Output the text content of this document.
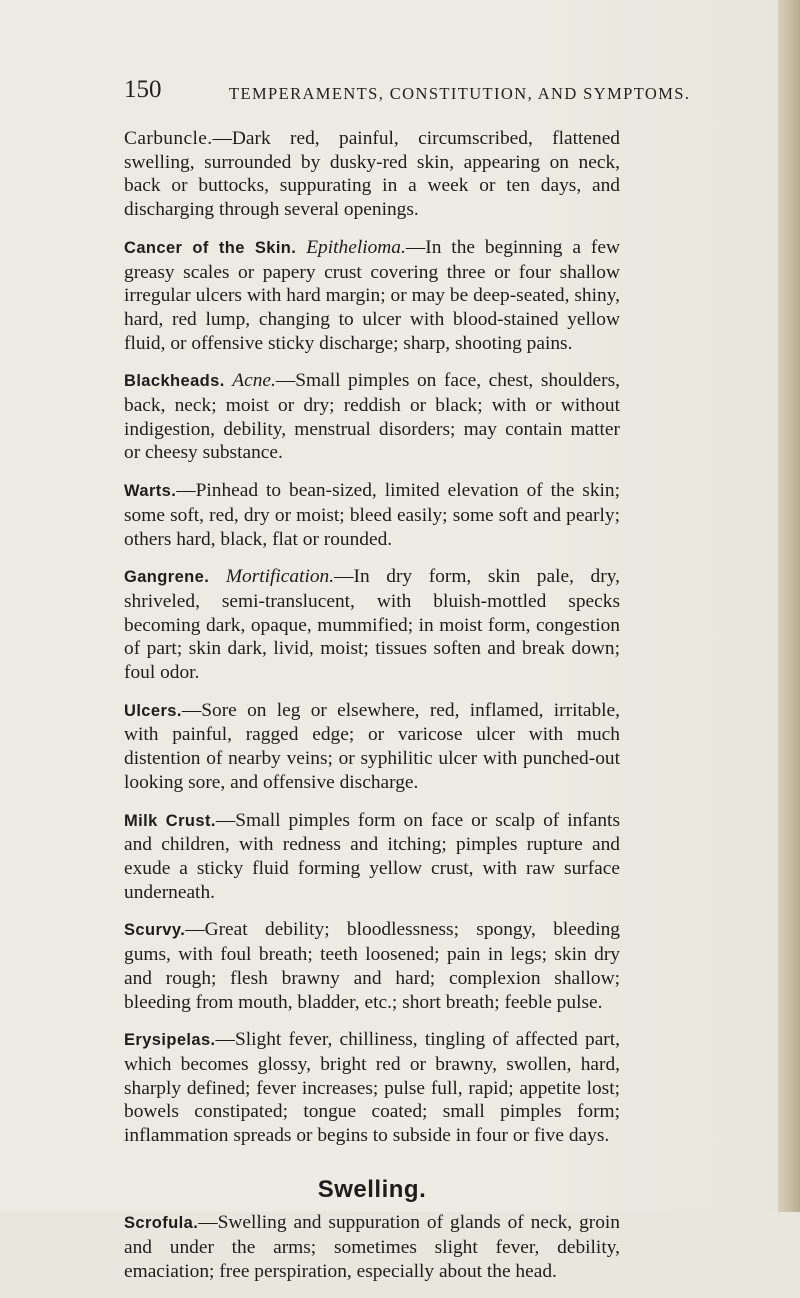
150	TEMPERAMENTS, CONSTITUTION, AND SYMPTOMS.

Carbuncle.—Dark red, painful, circumscribed, flattened swelling, surrounded by dusky-red skin, appearing on neck, back or buttocks, suppurating in a week or ten days, and discharging through several openings.

Cancer of the Skin. Epithelioma.—In the beginning a few greasy scales or papery crust covering three or four shallow irregular ulcers with hard margin; or may be deep-seated, shiny, hard, red lump, changing to ulcer with blood-stained yellow fluid, or offensive sticky discharge; sharp, shooting pains.

Blackheads. Acne.—Small pimples on face, chest, shoulders, back, neck; moist or dry; reddish or black; with or without indigestion, debility, menstrual disorders; may contain matter or cheesy substance.

Warts.—Pinhead to bean-sized, limited elevation of the skin; some soft, red, dry or moist; bleed easily; some soft and pearly; others hard, black, flat or rounded.

Gangrene. Mortification.—In dry form, skin pale, dry, shriveled, semi-translucent, with bluish-mottled specks becoming dark, opaque, mummified; in moist form, congestion of part; skin dark, livid, moist; tissues soften and break down; foul odor.

Ulcers.—Sore on leg or elsewhere, red, inflamed, irritable, with painful, ragged edge; or varicose ulcer with much distention of nearby veins; or syphilitic ulcer with punched-out looking sore, and offensive discharge.

Milk Crust.—Small pimples form on face or scalp of infants and children, with redness and itching; pimples rupture and exude a sticky fluid forming yellow crust, with raw surface underneath.

Scurvy.—Great debility; bloodlessness; spongy, bleeding gums, with foul breath; teeth loosened; pain in legs; skin dry and rough; flesh brawny and hard; complexion shallow; bleeding from mouth, bladder, etc.; short breath; feeble pulse.

Erysipelas.—Slight fever, chilliness, tingling of affected part, which becomes glossy, bright red or brawny, swollen, hard, sharply defined; fever increases; pulse full, rapid; appetite lost; bowels constipated; tongue coated; small pimples form; inflammation spreads or begins to subside in four or five days.

Swelling.

Scrofula.—Swelling and suppuration of glands of neck, groin and under the arms; sometimes slight fever, debility, emaciation; free perspiration, especially about the head.
